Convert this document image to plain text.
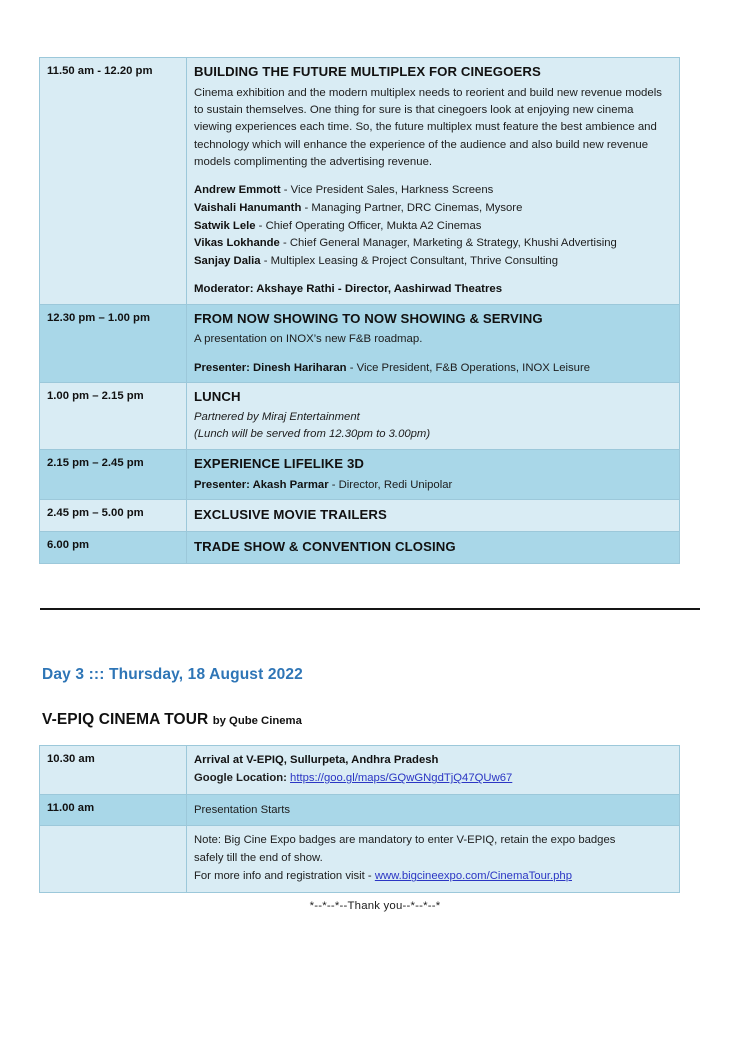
11.50 am - 12.20 pm	BUILDING THE FUTURE MULTIPLEX FOR CINEGOERS

Cinema exhibition and the modern multiplex needs to reorient and build new revenue models to sustain themselves. One thing for sure is that cinegoers look at enjoying new cinema viewing experiences each time. So, the future multiplex must feature the best ambience and technology which will enhance the experience of the audience and also build new revenue models complimenting the advertising revenue.

Andrew Emmott - Vice President Sales, Harkness Screens
Vaishali Hanumanth - Managing Partner, DRC Cinemas, Mysore
Satwik Lele - Chief Operating Officer, Mukta A2 Cinemas
Vikas Lokhande - Chief General Manager, Marketing & Strategy, Khushi Advertising
Sanjay Dalia - Multiplex Leasing & Project Consultant, Thrive Consulting
Moderator: Akshaye Rathi - Director, Aashirwad Theatres

12.30 pm – 1.00 pm	FROM NOW SHOWING TO NOW SHOWING & SERVING

A presentation on INOX’s new F&B roadmap.

Presenter: Dinesh Hariharan - Vice President, F&B Operations, INOX Leisure

1.00 pm – 2.15 pm	LUNCH
Partnered by Miraj Entertainment
(Lunch will be served from 12.30pm to 3.00pm)

2.15 pm – 2.45 pm	EXPERIENCE LIFELIKE 3D
Presenter: Akash Parmar - Director, Redi Unipolar

2.45 pm – 5.00 pm	EXCLUSIVE MOVIE TRAILERS

6.00 pm	TRADE SHOW & CONVENTION CLOSING
Day 3 ::: Thursday, 18 August 2022
V-EPIQ CINEMA TOUR by Qube Cinema
10.30 am	Arrival at V-EPIQ, Sullurpeta, Andhra Pradesh
Google Location: https://goo.gl/maps/GQwGNgdTjQ47QUw67

11.00 am	Presentation Starts

	Note: Big Cine Expo badges are mandatory to enter V-EPIQ, retain the expo badges
safely till the end of show.
For more info and registration visit - www.bigcineexpo.com/CinemaTour.php
*--*--*--Thank you--*--*--*
